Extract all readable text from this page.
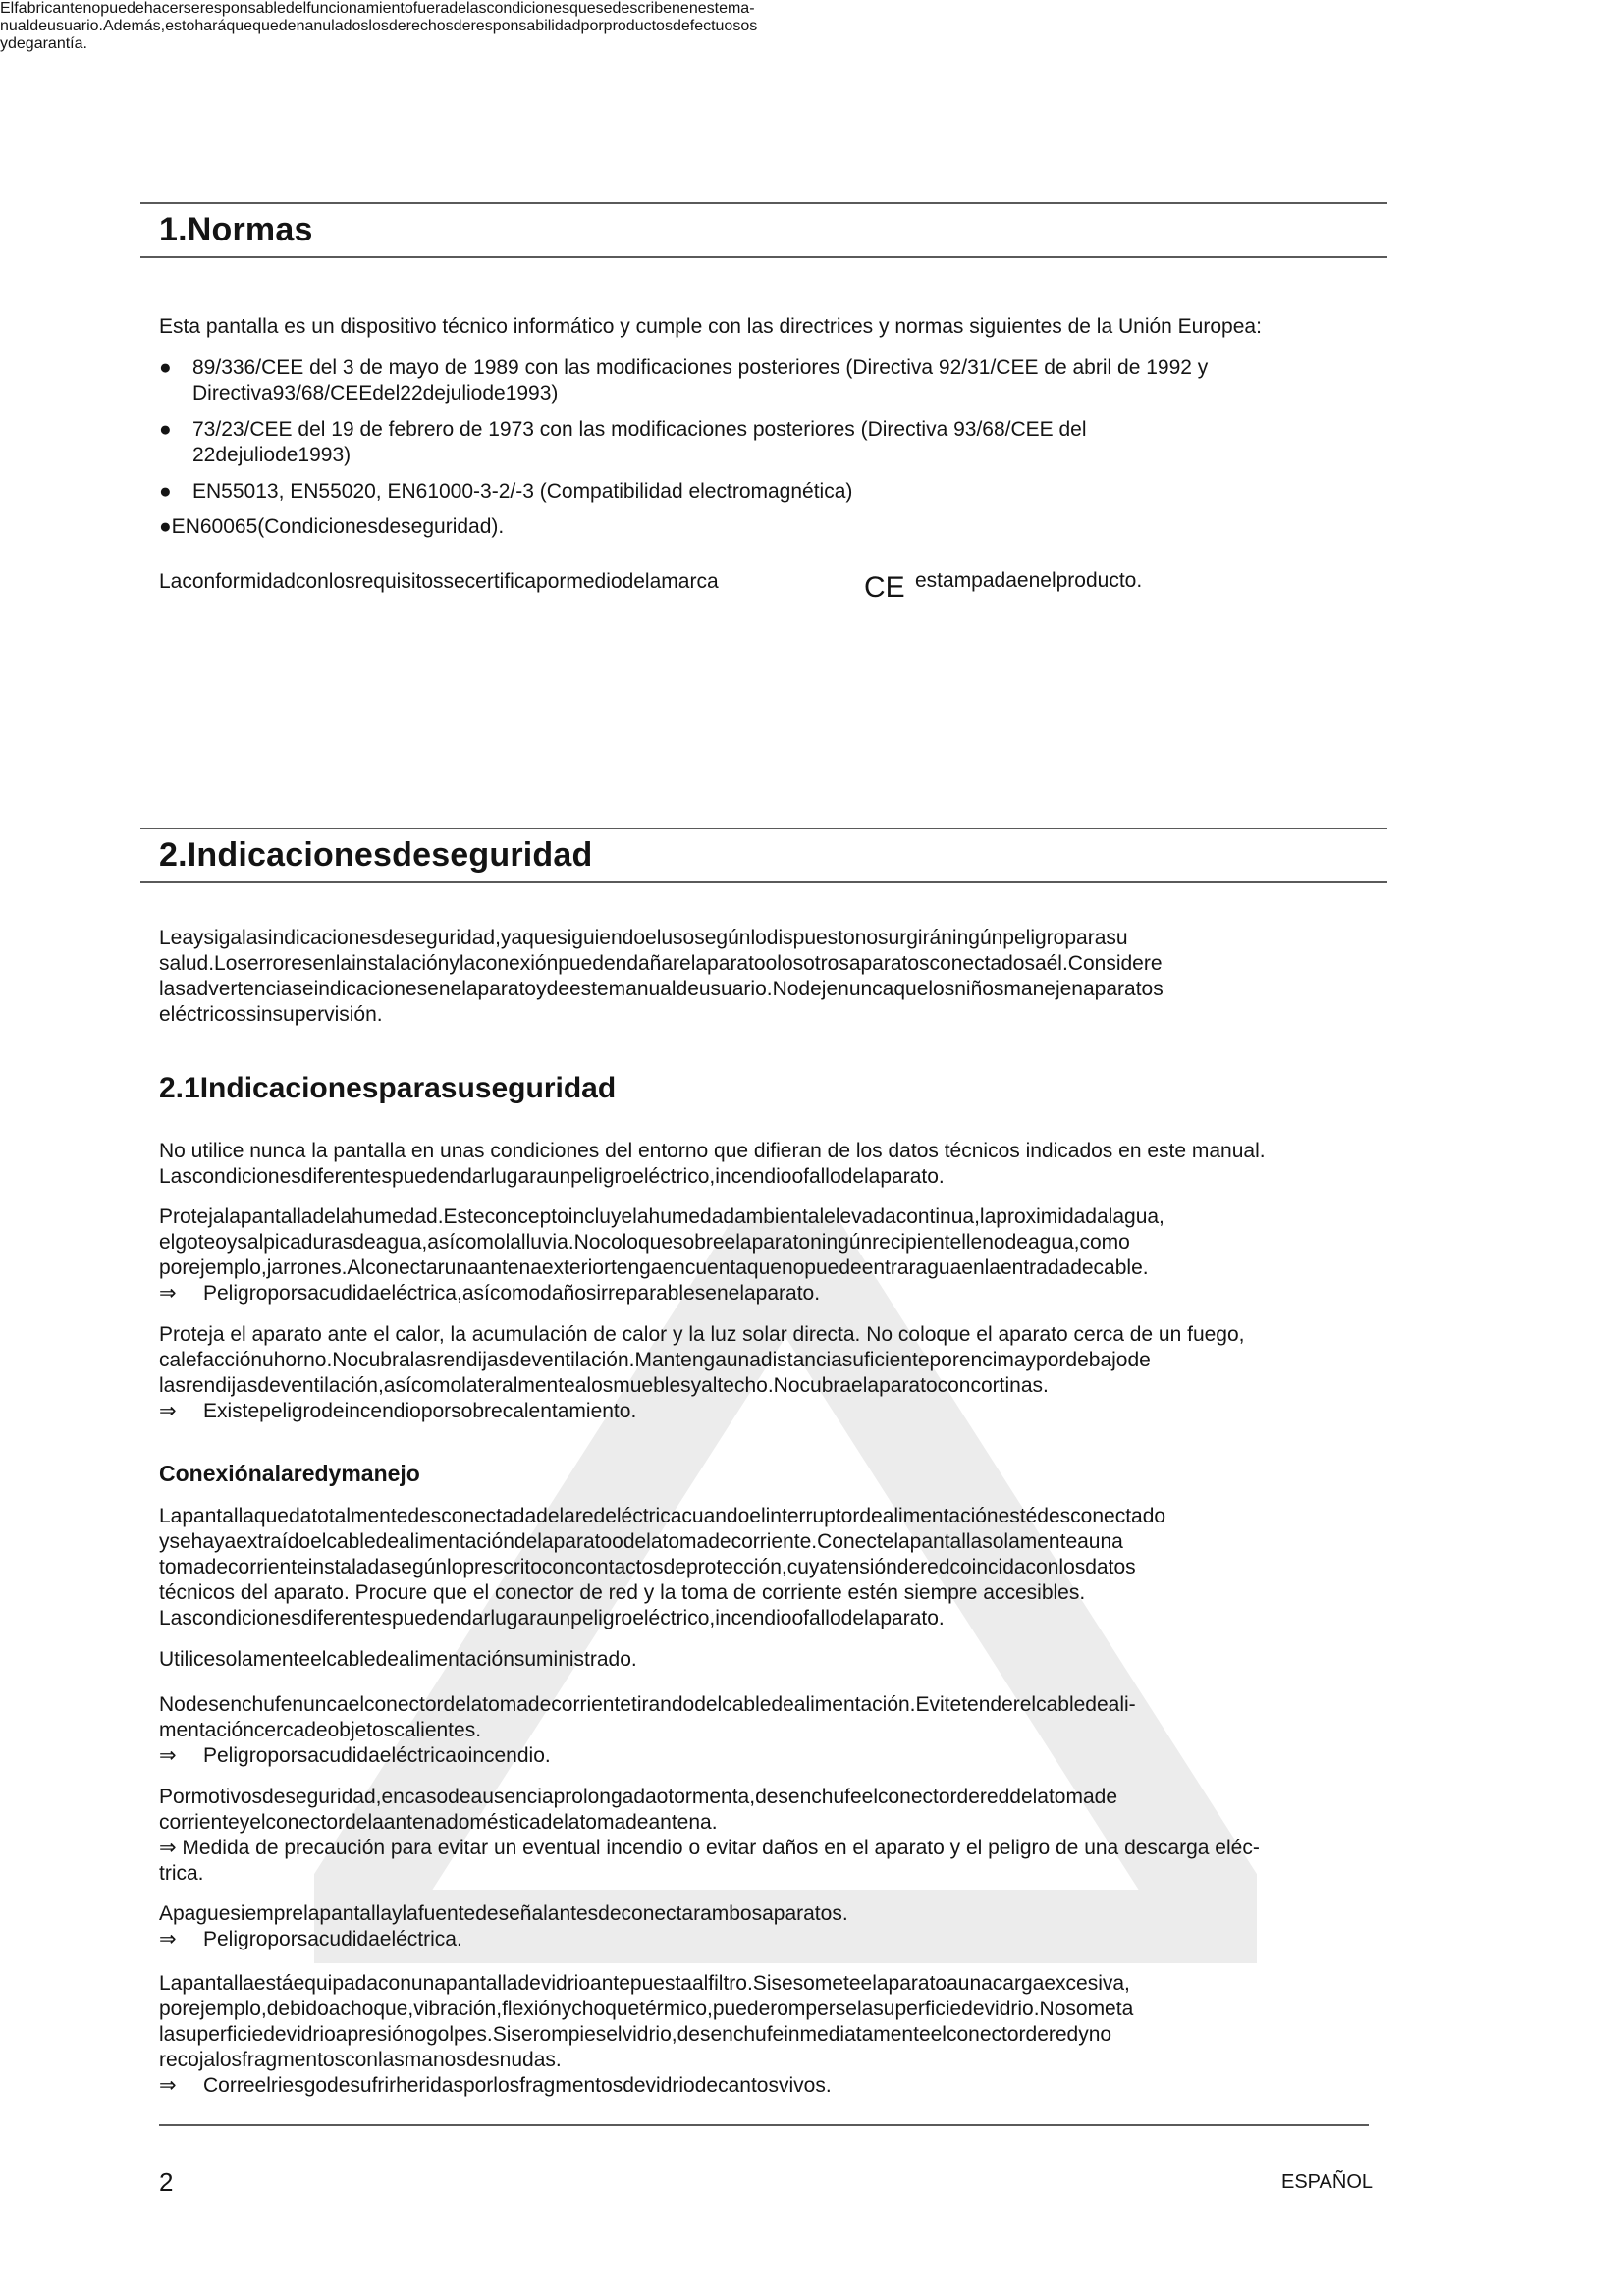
1.Normas

Esta pantalla es un dispositivo técnico informático y cumple con las directrices y normas siguientes de la Unión Europea:

●	89/336/CEE del 3 de mayo de 1989 con las modificaciones posteriores (Directiva 92/31/CEE de abril de 1992 y
Directiva93/68/CEEdel22dejuliode1993)
●	73/23/CEE del 19 de febrero de 1973 con las modificaciones posteriores (Directiva 93/68/CEE del
22dejuliode1993)
●	EN55013, EN55020, EN61000-3-2/-3 (Compatibilidad electromagnética)

●EN60065(Condicionesdeseguridad).

Laconformidadconlosrequisitossecertificapormediodelamarca	CE estampadaenelproducto.

Elfabricantenopuedehacerseresponsabledelfuncionamientofueradelascondicionesquesedescribenenestema-
nualdeusuario.Además,estoharáquequedenanuladoslosderechosderesponsabilidadporproductosdefectuosos
ydegarantía.

2.Indicacionesdeseguridad
Leaysigalasindicacionesdeseguridad,yaquesiguiendoelusosegúnlodispuestonosurgiráningúnpeligroparasu
salud.Loserroresenlainstalaciónylaconexiónpuedendañarelaparatoolosotrosaparatosconectadosaél.Considere
lasadvertenciaseindicacionesenelaparatoydeestemanualdeusuario.Nodejenuncaquelosniñosmanejenaparatos
eléctricossinsupervisión.
2.1Indicacionesparasuseguridad
No utilice nunca la pantalla en unas condiciones del entorno que difieran de los datos técnicos indicados en este manual.
Lascondicionesdiferentespuedendarlugaraunpeligroeléctrico,incendioofallodelaparato.
Protejalapantalladelahumedad.Esteconceptoincluyelahumedadambientalelevadacontinua,laproximidadalagua,
elgoteoysalpicadurasdeagua,asícomolalluvia.Nocoloquesobreelaparatoningúnrecipientellenodeagua,como
porejemplo,jarrones.Alconectarunaantenaexteriortengaencuentaquenopuedeentraraguaenlaentradadecable.
⇒ Peligroporsacudidaeléctrica,asícomodañosirreparablesenelaparato.
Proteja el aparato ante el calor, la acumulación de calor y la luz solar directa. No coloque el aparato cerca de un fuego,
calefacciónuhorno.Nocubralasrendijasdeventilación.Mantengaunadistanciasuficienteporencimaypordebajode
lasrendijasdeventilación,asícomolateralmentealosmueblesyaltecho.Nocubraelaparatoconcortinas.
⇒ Existepeligrodeincendioporsobrecalentamiento.
Conexiónalaredymanejo
Lapantallaquedatotalmentedesconectadadelaredeléctricacuandoelinterruptordealimentaciónestédesconectado
ysehayaextraídoelcabledealimentacióndelaparatoodelatomadecorriente.Conectelapantallasolamenteauna
tomadecorrienteinstaladasegúnloprescritoconcontactosdeprotección,cuyatensiónderedcoincidaconlosdatos
técnicos del aparato. Procure que el conector de red y la toma de corriente estén siempre accesibles.
Lascondicionesdiferentespuedendarlugaraunpeligroeléctrico,incendioofallodelaparato.
Utilicesolamenteelcabledealimentaciónsuministrado.
Nodesenchufenuncaelconectordelatomadecorrientetirandodelcabledealimentación.Evitetenderelcabledeali-
mentacióncercadeobjetoscalientes.
⇒ Peligroporsacudidaeléctricaoincendio.
Pormotivosdeseguridad,encasodeausenciaprolongadaotormenta,desenchufeelconectordereddelatomade
corrienteyelconectordelaantenadomésticadelatomadeantena.
⇒ Medida de precaución para evitar un eventual incendio o evitar daños en el aparato y el peligro de una descarga eléc-
trica.
Apaguesiemprelapantallaylafuentedeseñalantesdeconectarambosaparatos.
⇒ Peligroporsacudidaeléctrica.
Lapantallaestáequipadaconunapantalladevidrioantepuestaalfiltro.Sisesometeelaparatoaunacargaexcesiva,
porejemplo,debidoachoque,vibración,flexiónychoquetérmico,puederomperselasuperficiedevidrio.Nosometa
lasuperficiedevidrioapresiónogolpes.Siserompieselvidrio,desenchufeinmediatamenteelconectorderedyno
recojalosfragmentosconlasmanosdesnudas.
⇒ Correelriesgodesufrirheridasporlosfragmentosdevidriodecantosvivos.
2	ESPAÑOL
